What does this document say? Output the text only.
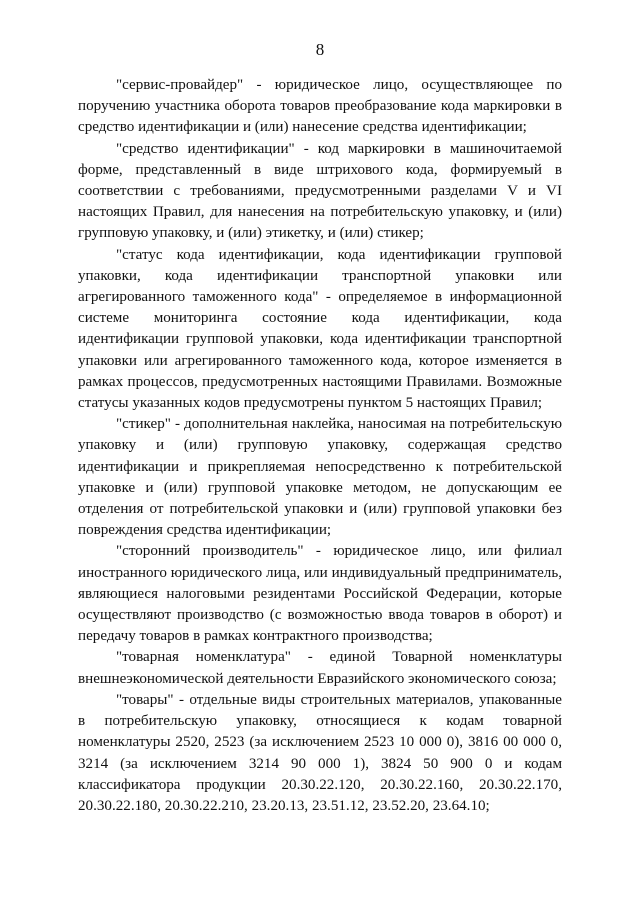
8

"сервис-провайдер" - юридическое лицо, осуществляющее по поручению участника оборота товаров преобразование кода маркировки в средство идентификации и (или) нанесение средства идентификации;

"средство идентификации" - код маркировки в машиночитаемой форме, представленный в виде штрихового кода, формируемый в соответствии с требованиями, предусмотренными разделами V и VI настоящих Правил, для нанесения на потребительскую упаковку, и (или) групповую упаковку, и (или) этикетку, и (или) стикер;

"статус кода идентификации, кода идентификации групповой упаковки, кода идентификации транспортной упаковки или агрегированного таможенного кода" - определяемое в информационной системе мониторинга состояние кода идентификации, кода идентификации групповой упаковки, кода идентификации транспортной упаковки или агрегированного таможенного кода, которое изменяется в рамках процессов, предусмотренных настоящими Правилами. Возможные статусы указанных кодов предусмотрены пунктом 5 настоящих Правил;

"стикер" - дополнительная наклейка, наносимая на потребительскую упаковку и (или) групповую упаковку, содержащая средство идентификации и прикрепляемая непосредственно к потребительской упаковке и (или) групповой упаковке методом, не допускающим ее отделения от потребительской упаковки и (или) групповой упаковки без повреждения средства идентификации;

"сторонний производитель" - юридическое лицо, или филиал иностранного юридического лица, или индивидуальный предприниматель, являющиеся налоговыми резидентами Российской Федерации, которые осуществляют производство (с возможностью ввода товаров в оборот) и передачу товаров в рамках контрактного производства;

"товарная номенклатура" - единой Товарной номенклатуры внешнеэкономической деятельности Евразийского экономического союза;

"товары" - отдельные виды строительных материалов, упакованные в потребительскую упаковку, относящиеся к кодам товарной номенклатуры 2520, 2523 (за исключением 2523 10 000 0), 3816 00 000 0, 3214 (за исключением 3214 90 000 1), 3824 50 900 0 и кодам классификатора продукции 20.30.22.120, 20.30.22.160, 20.30.22.170, 20.30.22.180, 20.30.22.210, 23.20.13, 23.51.12, 23.52.20, 23.64.10;
